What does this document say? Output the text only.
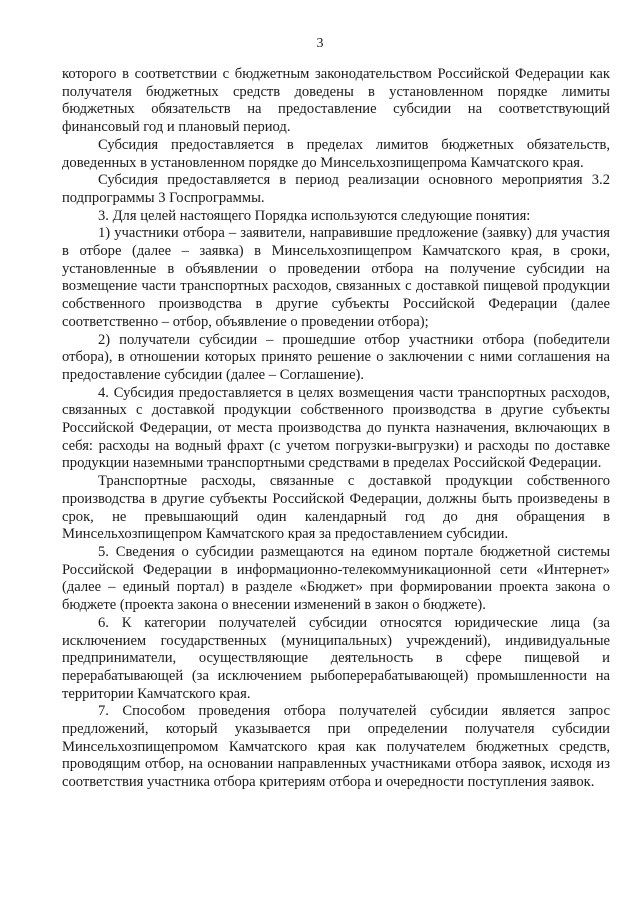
3

которого в соответствии с бюджетным законодательством Российской Федерации как получателя бюджетных средств доведены в установленном порядке лимиты бюджетных обязательств на предоставление субсидии на соответствующий финансовый год и плановый период.

Субсидия предоставляется в пределах лимитов бюджетных обязательств, доведенных в установленном порядке до Минсельхозпищепрома Камчатского края.

Субсидия предоставляется в период реализации основного мероприятия 3.2 подпрограммы 3 Госпрограммы.

3. Для целей настоящего Порядка используются следующие понятия:

1) участники отбора – заявители, направившие предложение (заявку) для участия в отборе (далее – заявка) в Минсельхозпищепром Камчатского края, в сроки, установленные в объявлении о проведении отбора на получение субсидии на возмещение части транспортных расходов, связанных с доставкой пищевой продукции собственного производства в другие субъекты Российской Федерации (далее соответственно – отбор, объявление о проведении отбора);

2) получатели субсидии – прошедшие отбор участники отбора (победители отбора), в отношении которых принято решение о заключении с ними соглашения на предоставление субсидии (далее – Соглашение).

4. Субсидия предоставляется в целях возмещения части транспортных расходов, связанных с доставкой продукции собственного производства в другие субъекты Российской Федерации, от места производства до пункта назначения, включающих в себя: расходы на водный фрахт (с учетом погрузки-выгрузки) и расходы по доставке продукции наземными транспортными средствами в пределах Российской Федерации.

Транспортные расходы, связанные с доставкой продукции собственного производства в другие субъекты Российской Федерации, должны быть произведены в срок, не превышающий один календарный год до дня обращения в Минсельхозпищепром Камчатского края за предоставлением субсидии.

5. Сведения о субсидии размещаются на едином портале бюджетной системы Российской Федерации в информационно-телекоммуникационной сети «Интернет» (далее – единый портал) в разделе «Бюджет» при формировании проекта закона о бюджете (проекта закона о внесении изменений в закон о бюджете).

6. К категории получателей субсидии относятся юридические лица (за исключением государственных (муниципальных) учреждений), индивидуальные предприниматели, осуществляющие деятельность в сфере пищевой и перерабатывающей (за исключением рыбоперерабатывающей) промышленности на территории Камчатского края.

7. Способом проведения отбора получателей субсидии является запрос предложений, который указывается при определении получателя субсидии Минсельхозпищепромом Камчатского края как получателем бюджетных средств, проводящим отбор, на основании направленных участниками отбора заявок, исходя из соответствия участника отбора критериям отбора и очередности поступления заявок.
